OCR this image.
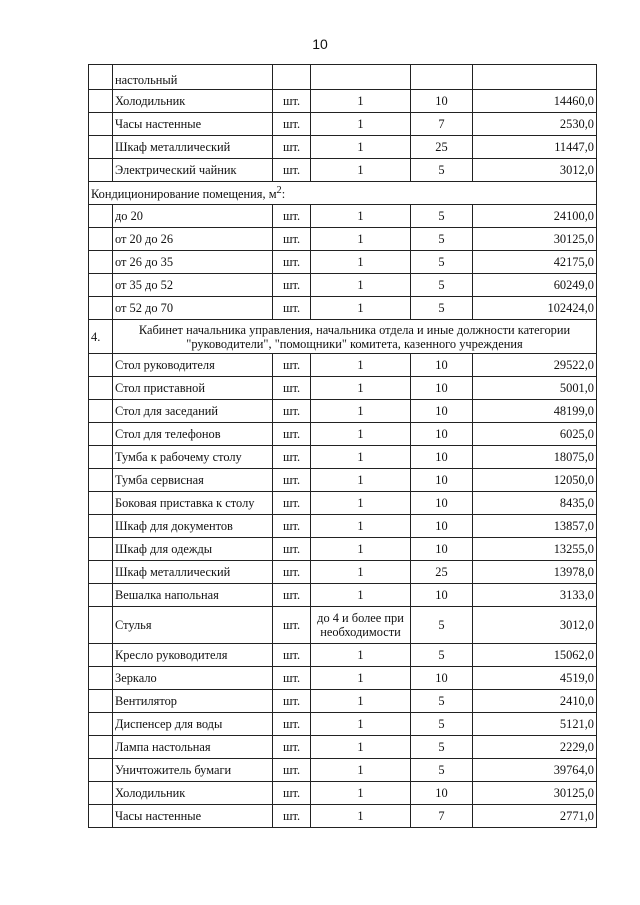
10
	настольный				
	Холодильник	шт.	1	10	14460,0
	Часы настенные	шт.	1	7	2530,0
	Шкаф металлический	шт.	1	25	11447,0
	Электрический чайник	шт.	1	5	3012,0
Кондиционирование помещения, $м^2$:					
	до 20	шт.	1	5	24100,0
	от 20 до 26	шт.	1	5	30125,0
	от 26 до 35	шт.	1	5	42175,0
	от 35 до 52	шт.	1	5	60249,0
	от 52 до 70	шт.	1	5	102424,0
4.	Кабинет начальника управления, начальника отдела и иные должности категории "руководители", "помощники" комитета, казенного учреждения				
	Стол руководителя	шт.	1	10	29522,0
	Стол приставной	шт.	1	10	5001,0
	Стол для заседаний	шт.	1	10	48199,0
	Стол для телефонов	шт.	1	10	6025,0
	Тумба к рабочему столу	шт.	1	10	18075,0
	Тумба сервисная	шт.	1	10	12050,0
	Боковая приставка к столу	шт.	1	10	8435,0
	Шкаф для документов	шт.	1	10	13857,0
	Шкаф для одежды	шт.	1	10	13255,0
	Шкаф металлический	шт.	1	25	13978,0
	Вешалка напольная	шт.	1	10	3133,0
	Стулья	шт.	до 4 и более при необходимости	5	3012,0
	Кресло руководителя	шт.	1	5	15062,0
	Зеркало	шт.	1	10	4519,0
	Вентилятор	шт.	1	5	2410,0
	Диспенсер для воды	шт.	1	5	5121,0
	Лампа настольная	шт.	1	5	2229,0
	Уничтожитель бумаги	шт.	1	5	39764,0
	Холодильник	шт.	1	10	30125,0
	Часы настенные	шт.	1	7	2771,0
